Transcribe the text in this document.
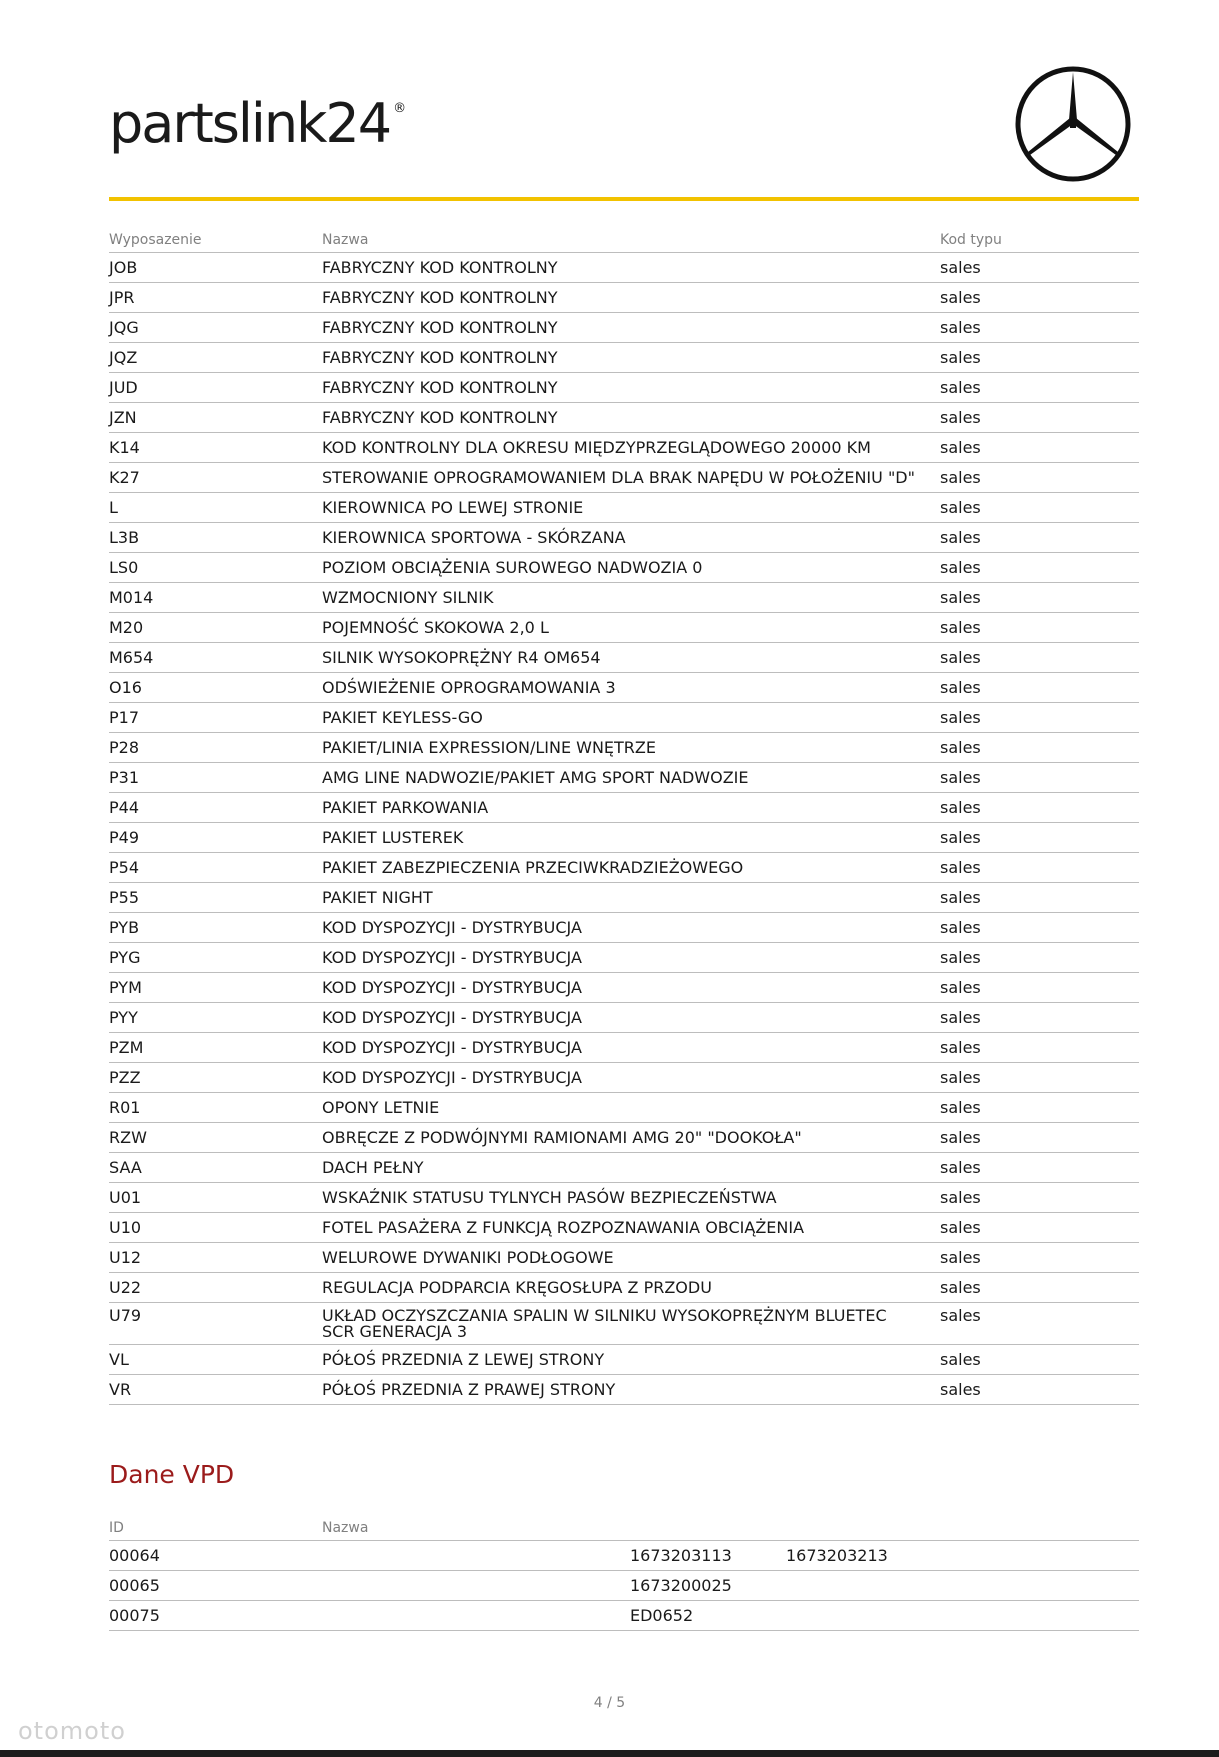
partslink24 ®
Wyposazenie	Nazwa	Kod typu
JOB	FABRYCZNY KOD KONTROLNY	sales
JPR	FABRYCZNY KOD KONTROLNY	sales
JQG	FABRYCZNY KOD KONTROLNY	sales
JQZ	FABRYCZNY KOD KONTROLNY	sales
JUD	FABRYCZNY KOD KONTROLNY	sales
JZN	FABRYCZNY KOD KONTROLNY	sales
K14	KOD KONTROLNY DLA OKRESU MIĘDZYPRZEGLĄDOWEGO 20000 KM	sales
K27	STEROWANIE OPROGRAMOWANIEM DLA BRAK NAPĘDU W POŁOŻENIU "D"	sales
L	KIEROWNICA PO LEWEJ STRONIE	sales
L3B	KIEROWNICA SPORTOWA - SKÓRZANA	sales
LS0	POZIOM OBCIĄŻENIA SUROWEGO NADWOZIA 0	sales
M014	WZMOCNIONY SILNIK	sales
M20	POJEMNOŚĆ SKOKOWA 2,0 L	sales
M654	SILNIK WYSOKOPRĘŻNY R4 OM654	sales
O16	ODŚWIEŻENIE OPROGRAMOWANIA 3	sales
P17	PAKIET KEYLESS-GO	sales
P28	PAKIET/LINIA EXPRESSION/LINE WNĘTRZE	sales
P31	AMG LINE NADWOZIE/PAKIET AMG SPORT NADWOZIE	sales
P44	PAKIET PARKOWANIA	sales
P49	PAKIET LUSTEREK	sales
P54	PAKIET ZABEZPIECZENIA PRZECIWKRADZIEŻOWEGO	sales
P55	PAKIET NIGHT	sales
PYB	KOD DYSPOZYCJI - DYSTRYBUCJA	sales
PYG	KOD DYSPOZYCJI - DYSTRYBUCJA	sales
PYM	KOD DYSPOZYCJI - DYSTRYBUCJA	sales
PYY	KOD DYSPOZYCJI - DYSTRYBUCJA	sales
PZM	KOD DYSPOZYCJI - DYSTRYBUCJA	sales
PZZ	KOD DYSPOZYCJI - DYSTRYBUCJA	sales
R01	OPONY LETNIE	sales
RZW	OBRĘCZE Z PODWÓJNYMI RAMIONAMI AMG 20" "DOOKOŁA"	sales
SAA	DACH PEŁNY	sales
U01	WSKAŹNIK STATUSU TYLNYCH PASÓW BEZPIECZEŃSTWA	sales
U10	FOTEL PASAŻERA Z FUNKCJĄ ROZPOZNAWANIA OBCIĄŻENIA	sales
U12	WELUROWE DYWANIKI PODŁOGOWE	sales
U22	REGULACJA PODPARCIA KRĘGOSŁUPA Z PRZODU	sales
U79	UKŁAD OCZYSZCZANIA SPALIN W SILNIKU WYSOKOPRĘŻNYM BLUETEC SCR GENERACJA 3	sales
VL	PÓŁOŚ PRZEDNIA Z LEWEJ STRONY	sales
VR	PÓŁOŚ PRZEDNIA Z PRAWEJ STRONY	sales
Dane VPD
ID	Nazwa		
00064		1673203113	1673203213
00065		1673200025	
00075		ED0652	
4 / 5
otomoto
